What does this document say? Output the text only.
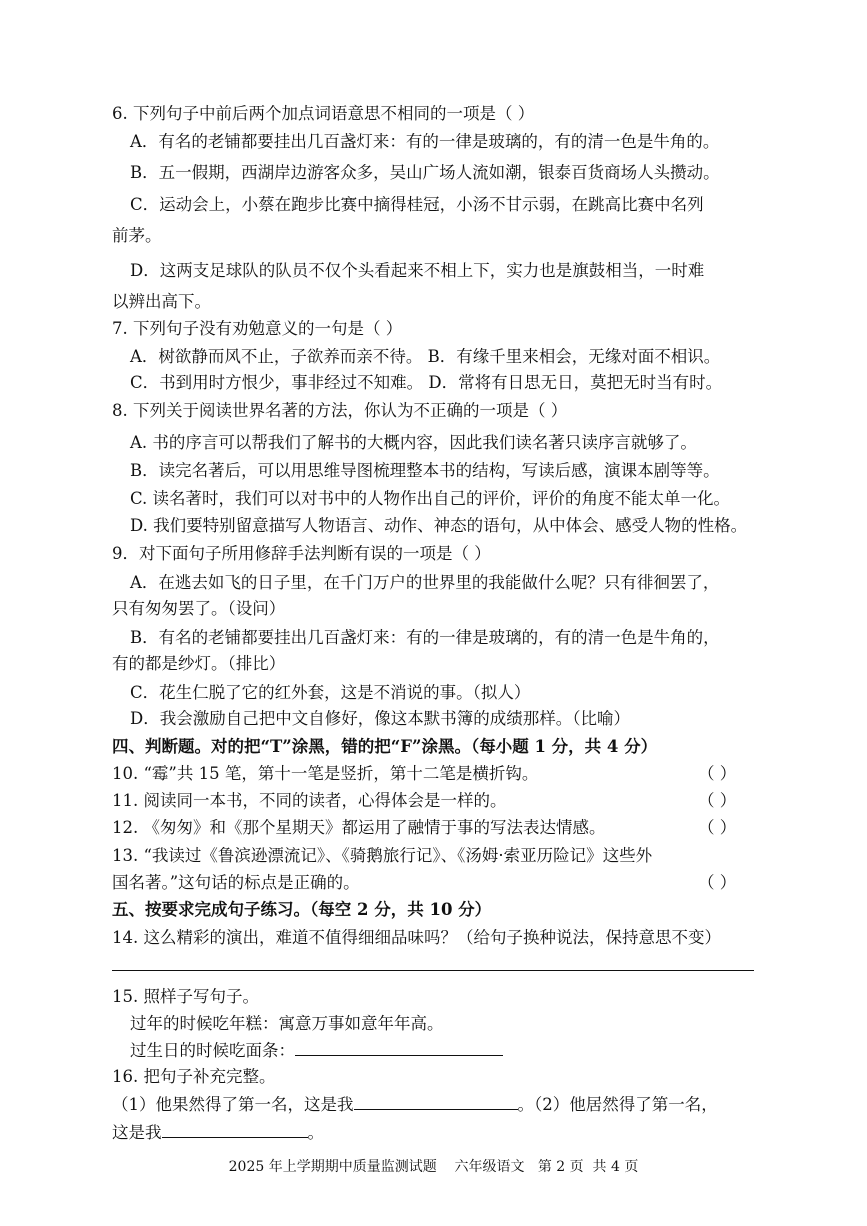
6. 下列句子中前后两个加点词语意思不相同的一项是（ ）
A．有名的老铺都要挂出几百盏灯来：有的一律是玻璃的，有的清一色是牛角的。
B．五一假期，西湖岸边游客众多，吴山广场人流如潮，银泰百货商场人头攒动。
C．运动会上，小蔡在跑步比赛中摘得桂冠，小汤不甘示弱，在跳高比赛中名列
前茅。
D．这两支足球队的队员不仅个头看起来不相上下，实力也是旗鼓相当，一时难
以辨出高下。
7. 下列句子没有劝勉意义的一句是（ ）
A．树欲静而风不止，子欲养而亲不待。 B．有缘千里来相会，无缘对面不相识。
C．书到用时方恨少，事非经过不知难。 D．常将有日思无日，莫把无时当有时。
8. 下列关于阅读世界名著的方法，你认为不正确的一项是（ ）
A. 书的序言可以帮我们了解书的大概内容，因此我们读名著只读序言就够了。
B．读完名著后，可以用思维导图梳理整本书的结构，写读后感，演课本剧等等。
C. 读名著时，我们可以对书中的人物作出自己的评价，评价的角度不能太单一化。
D. 我们要特别留意描写人物语言、动作、神态的语句，从中体会、感受人物的性格。
9．对下面句子所用修辞手法判断有误的一项是（ ）
A．在逃去如飞的日子里，在千门万户的世界里的我能做什么呢？只有徘徊罢了，
只有匆匆罢了。（设问）
B．有名的老铺都要挂出几百盏灯来：有的一律是玻璃的，有的清一色是牛角的，
有的都是纱灯。（排比）
C．花生仁脱了它的红外套，这是不消说的事。（拟人）
D．我会激励自己把中文自修好，像这本默书簿的成绩那样。（比喻）
四、判断题。对的把“T”涂黑，错的把“F”涂黑。（每小题 1 分，共 4 分）
10. “霉”共 15 笔，第十一笔是竖折，第十二笔是横折钩。	（ ）
11. 阅读同一本书，不同的读者，心得体会是一样的。	（ ）
12. 《匆匆》和《那个星期天》都运用了融情于事的写法表达情感。	（ ）
13. “我读过《鲁滨逊漂流记》、《骑鹅旅行记》、《汤姆·索亚历险记》这些外
国名著。”这句话的标点是正确的。	（ ）
五、按要求完成句子练习。（每空 2 分，共 10 分）
14. 这么精彩的演出，难道不值得细细品味吗？（给句子换种说法，保持意思不变）
15. 照样子写句子。
过年的时候吃年糕：寓意万事如意年年高。
过生日的时候吃面条：
16. 把句子补充完整。
（1）他果然得了第一名，这是我	。（2）他居然得了第一名，
这是我	。
2025 年上学期期中质量监测试题    六年级语文   第 2 页  共 4 页
